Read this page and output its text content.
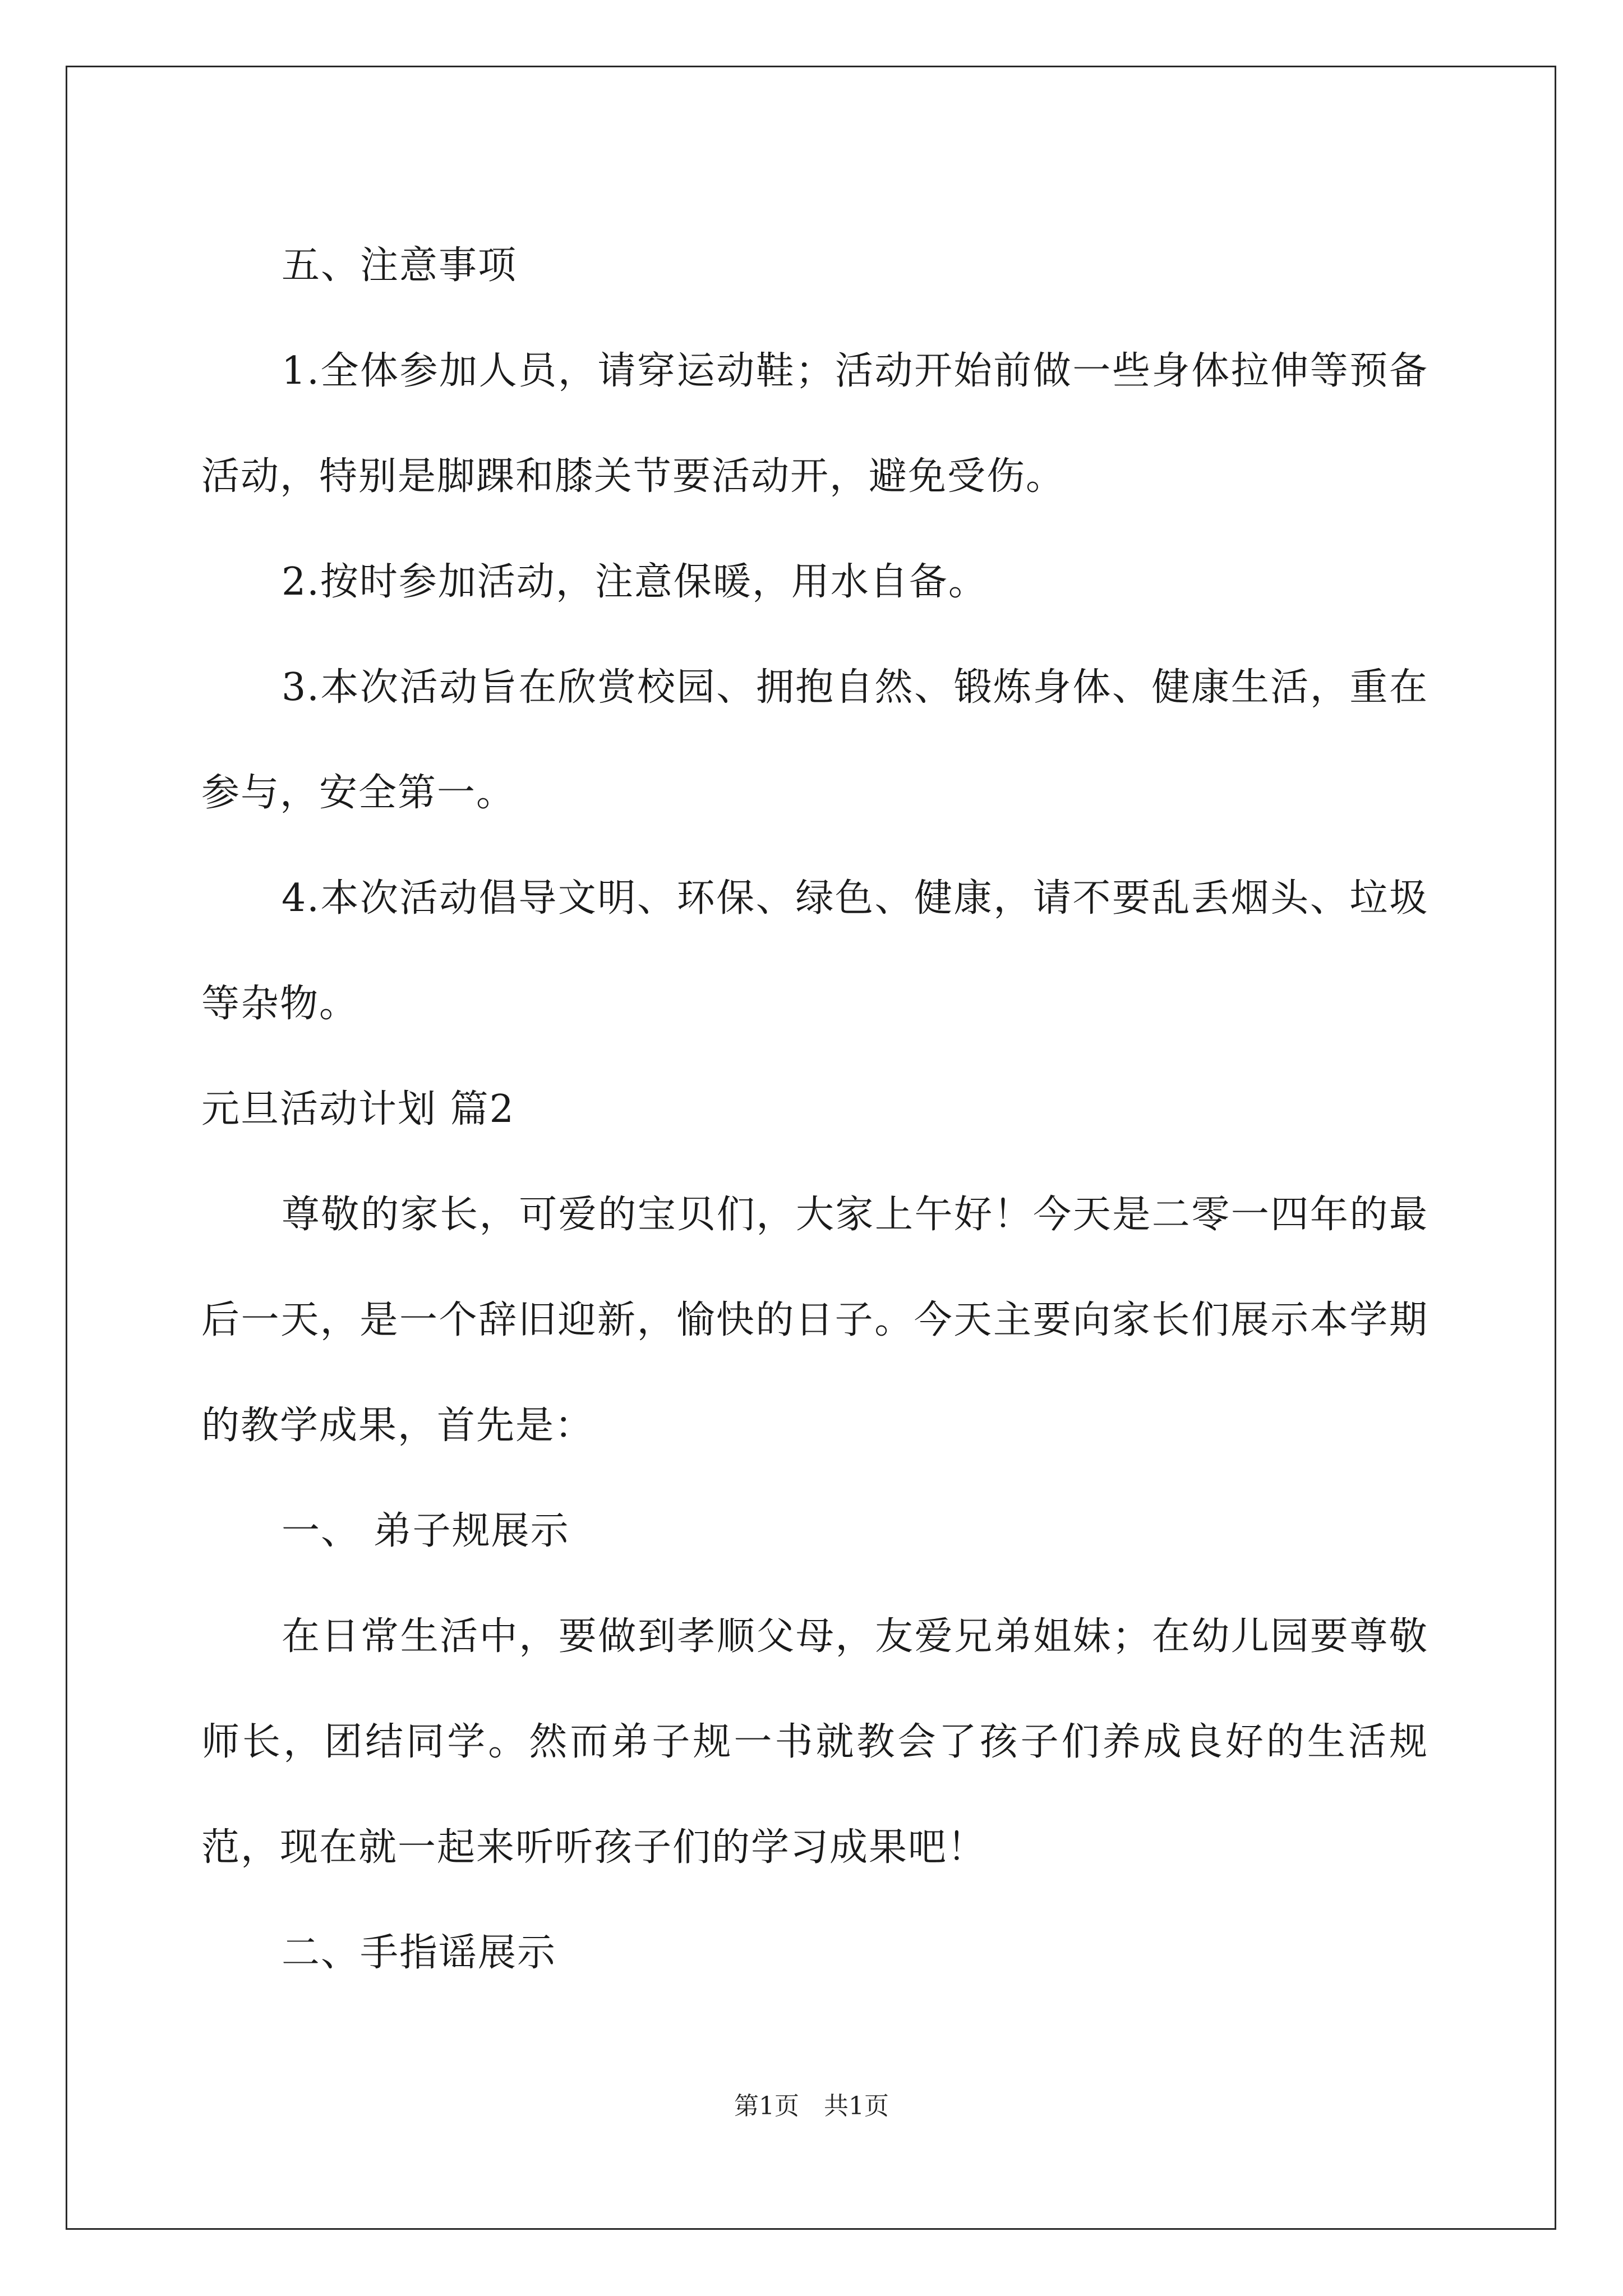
五、注意事项

1.全体参加人员，请穿运动鞋；活动开始前做一些身体拉伸等预备活动，特别是脚踝和膝关节要活动开，避免受伤。

2.按时参加活动，注意保暖，用水自备。

3.本次活动旨在欣赏校园、拥抱自然、锻炼身体、健康生活，重在参与，安全第一。

4.本次活动倡导文明、环保、绿色、健康，请不要乱丢烟头、垃圾等杂物。

元旦活动计划 篇2

尊敬的家长，可爱的宝贝们，大家上午好！今天是二零一四年的最后一天，是一个辞旧迎新，愉快的日子。今天主要向家长们展示本学期的教学成果，首先是：

一、 弟子规展示

在日常生活中，要做到孝顺父母，友爱兄弟姐妹；在幼儿园要尊敬师长，团结同学。然而弟子规一书就教会了孩子们养成良好的生活规范，现在就一起来听听孩子们的学习成果吧！

二、手指谣展示

第1页　共1页
